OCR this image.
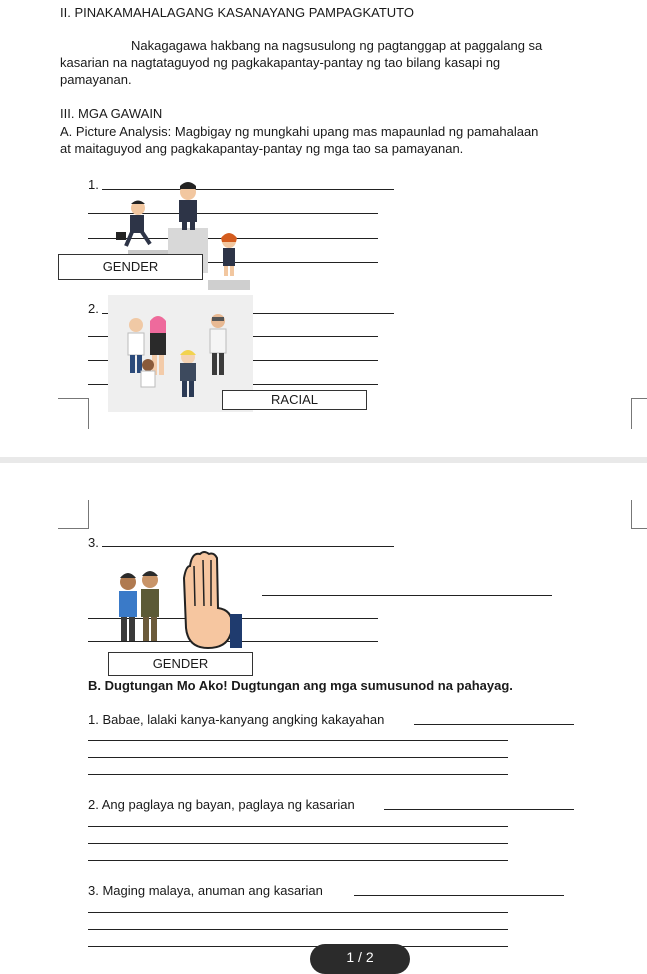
II. PINAKAMAHALAGANG KASANAYANG PAMPAGKATUTO
Nakagagawa hakbang na nagsusulong ng pagtanggap at paggalang sa
kasarian na nagtataguyod ng pagkakapantay-pantay ng tao bilang kasapi ng
pamayanan.
III. MGA GAWAIN
A. Picture Analysis: Magbigay ng mungkahi upang mas mapaunlad ng pamahalaan
at maitaguyod ang pagkakapantay-pantay ng mga tao sa pamayanan.
1.
GENDER
2.
RACIAL
3.
GENDER
B. Dugtungan Mo Ako! Dugtungan ang mga sumusunod na pahayag.
1. Babae, lalaki kanya-kanyang angking kakayahan
2. Ang paglaya ng bayan, paglaya ng kasarian
3. Maging malaya, anuman ang kasarian
1 / 2
